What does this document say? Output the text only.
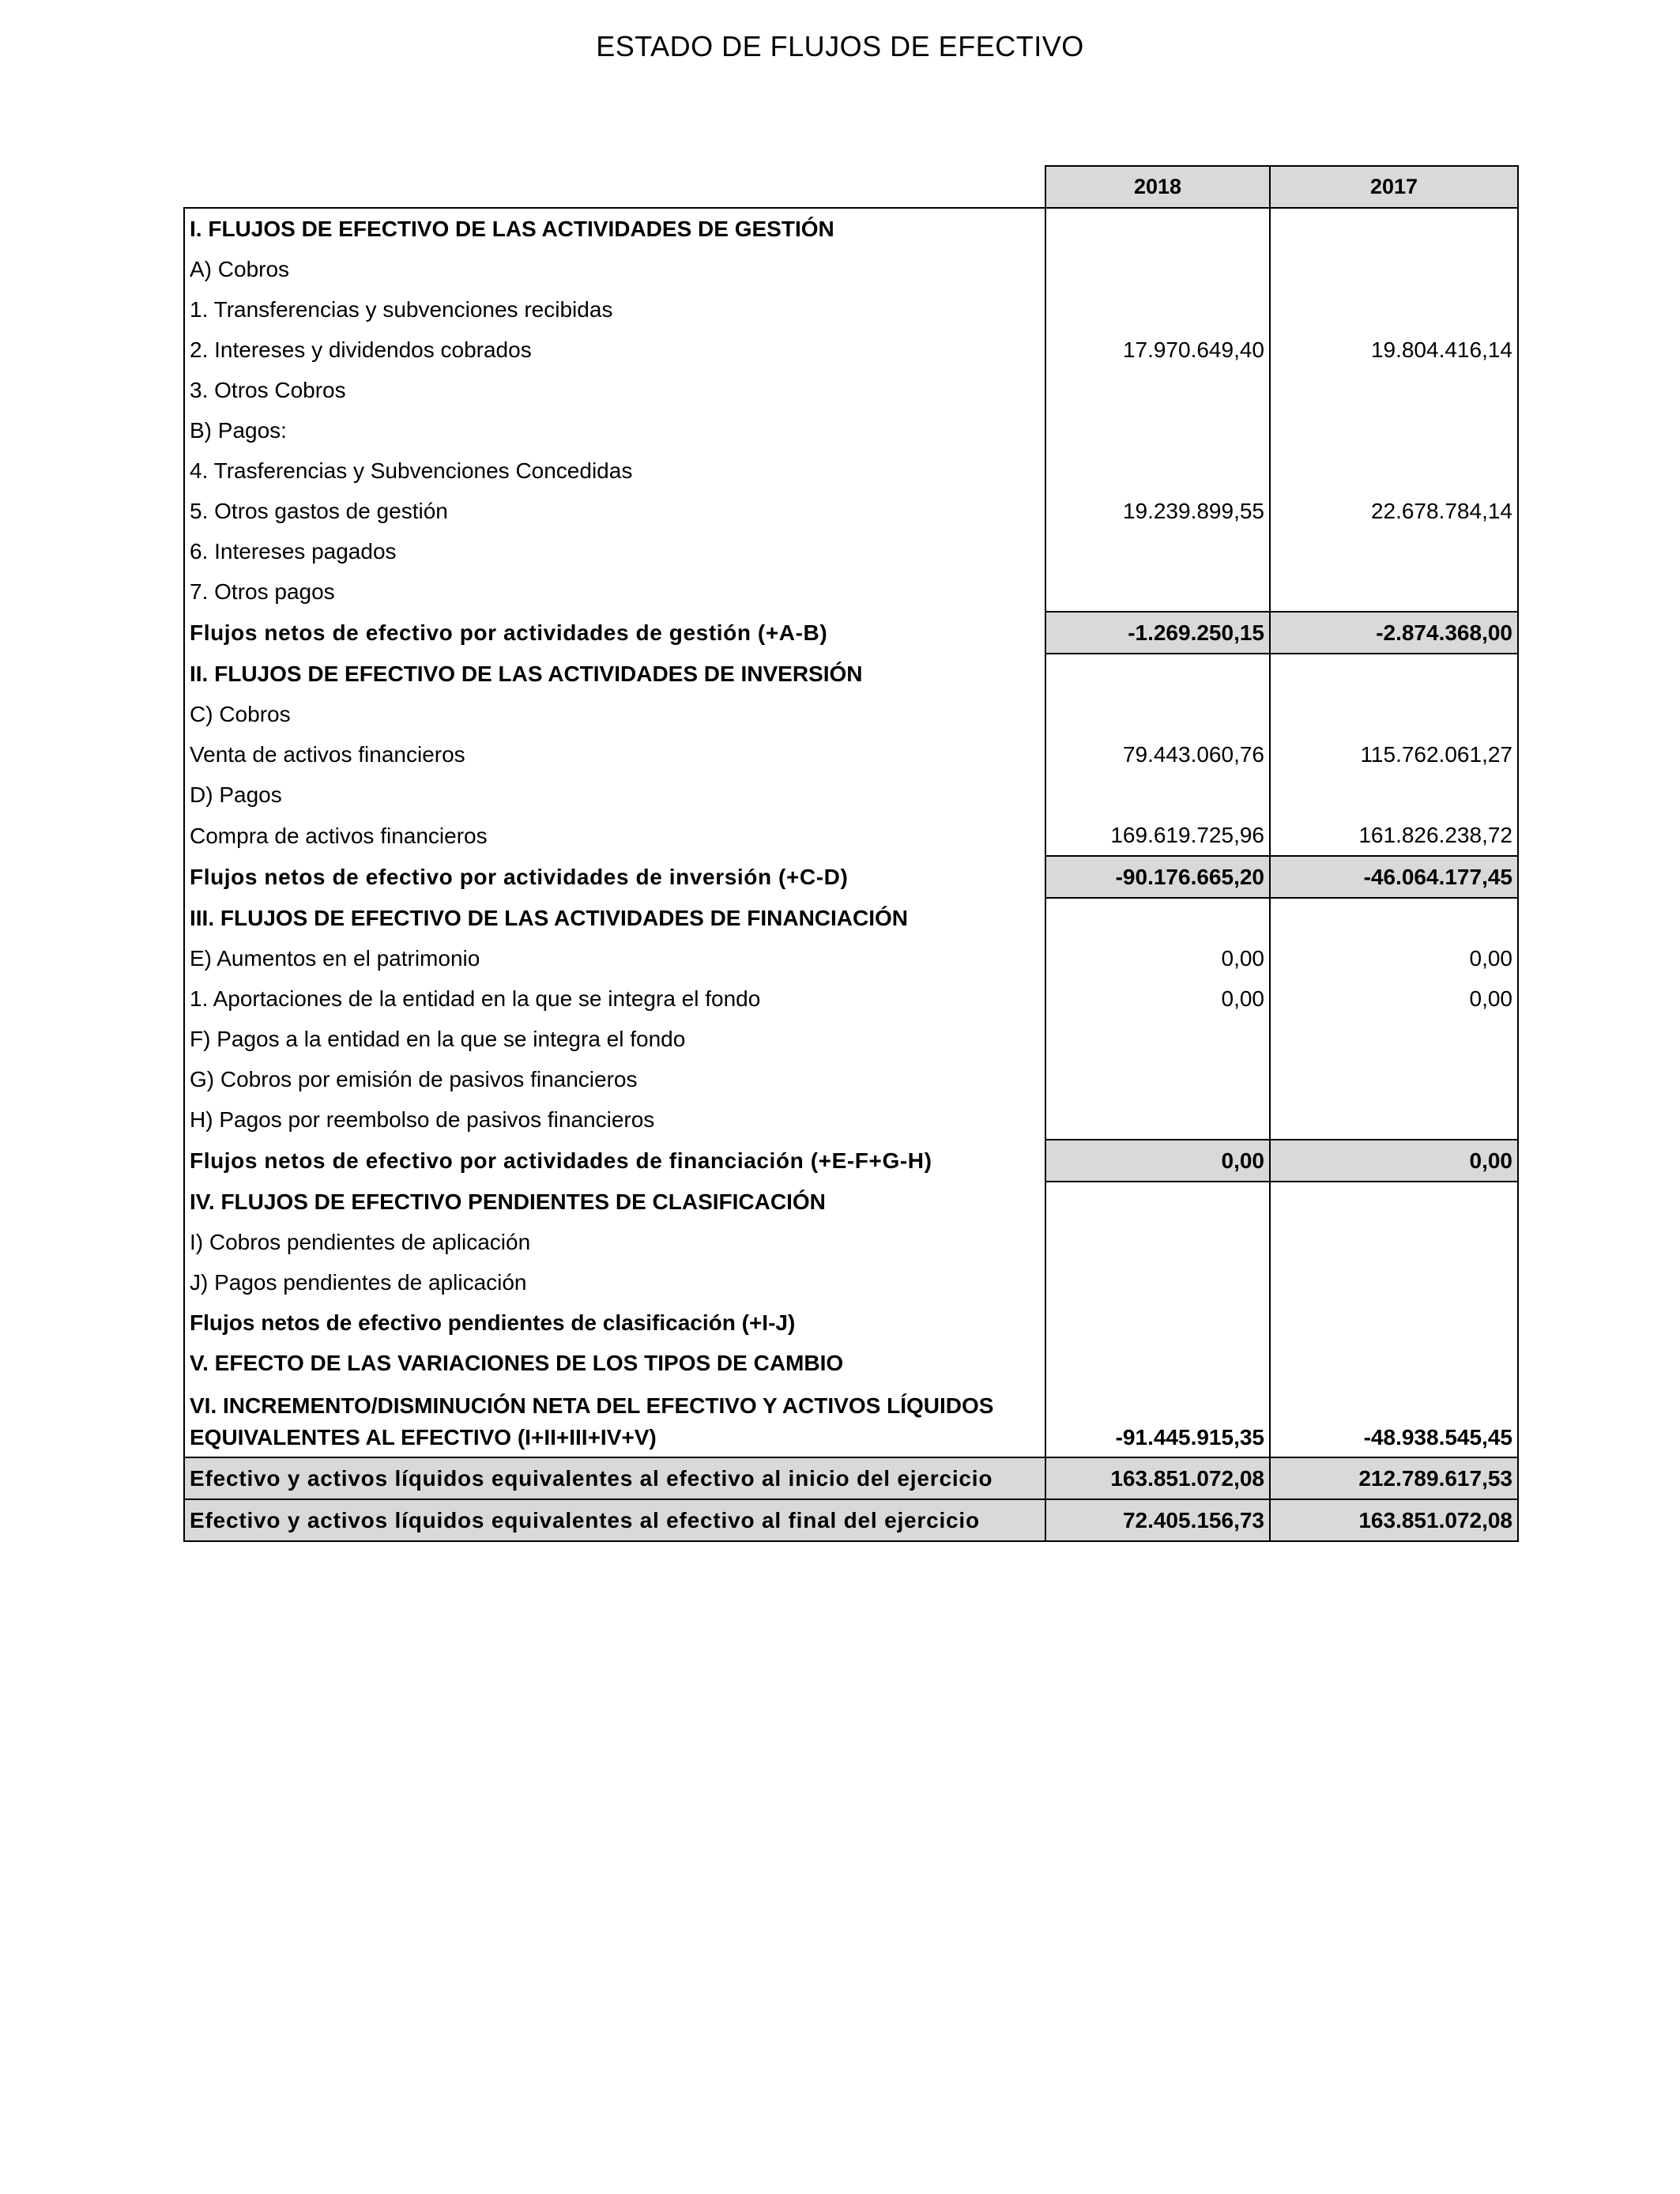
ESTADO DE FLUJOS DE EFECTIVO
	2018	2017
I. FLUJOS DE EFECTIVO DE LAS ACTIVIDADES DE GESTIÓN		
A) Cobros		
1. Transferencias y subvenciones recibidas		
2. Intereses y dividendos cobrados	17.970.649,40	19.804.416,14
3. Otros Cobros		
B) Pagos:		
4. Trasferencias y Subvenciones Concedidas		
5. Otros gastos de gestión	19.239.899,55	22.678.784,14
6. Intereses pagados		
7. Otros pagos		
Flujos netos de efectivo por actividades de gestión (+A-B)	-1.269.250,15	-2.874.368,00
II. FLUJOS DE EFECTIVO DE LAS ACTIVIDADES DE INVERSIÓN		
C) Cobros		
Venta de activos financieros	79.443.060,76	115.762.061,27
D) Pagos		
Compra de activos financieros	169.619.725,96	161.826.238,72
Flujos netos de efectivo por actividades de inversión (+C-D)	-90.176.665,20	-46.064.177,45
III. FLUJOS DE EFECTIVO DE LAS ACTIVIDADES DE FINANCIACIÓN		
E) Aumentos en el patrimonio	0,00	0,00
1. Aportaciones de la entidad en la que se integra el fondo	0,00	0,00
F) Pagos a la entidad en la que se integra el fondo		
G) Cobros por emisión de pasivos financieros		
H) Pagos por reembolso de pasivos financieros		
Flujos netos de efectivo por actividades de financiación (+E-F+G-H)	0,00	0,00
IV. FLUJOS DE EFECTIVO PENDIENTES DE CLASIFICACIÓN		
I) Cobros pendientes de aplicación		
J) Pagos pendientes de aplicación		
Flujos netos de efectivo pendientes de clasificación (+I-J)		
V. EFECTO DE LAS VARIACIONES DE LOS TIPOS DE CAMBIO		
VI. INCREMENTO/DISMINUCIÓN NETA DEL EFECTIVO Y ACTIVOS LÍQUIDOS EQUIVALENTES AL EFECTIVO (I+II+III+IV+V)	-91.445.915,35	-48.938.545,45
Efectivo y activos líquidos equivalentes al efectivo al inicio del ejercicio	163.851.072,08	212.789.617,53
Efectivo y activos líquidos equivalentes al efectivo al final del ejercicio	72.405.156,73	163.851.072,08
